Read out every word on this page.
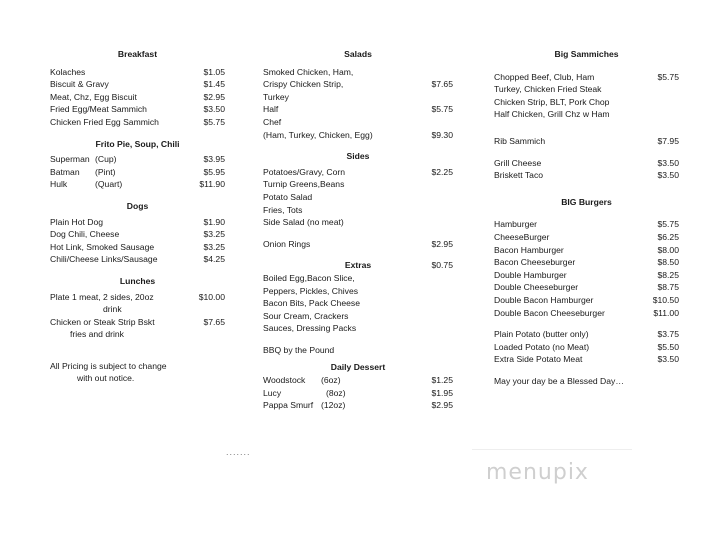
Breakfast
Kolaches	$1.05
Biscuit & Gravy	$1.45
Meat, Chz, Egg Biscuit	$2.95
Fried Egg/Meat Sammich	$3.50
Chicken Fried Egg Sammich	$5.75
Frito Pie, Soup, Chili
Superman (Cup)	$3.95
Batman (Pint)	$5.95
Hulk	(Quart)	$11.90
Dogs
Plain Hot Dog	$1.90
Dog Chili, Cheese	$3.25
Hot Link, Smoked Sausage	$3.25
Chili/Cheese Links/Sausage	$4.25
Lunches
Plate 1 meat, 2 sides, 20oz	$10.00
drink
Chicken or Steak Strip Bskt	$7.65
fries and drink
All Pricing is subject to change
with out notice.
Salads
Smoked Chicken, Ham,
Crispy Chicken Strip,	$7.65
Turkey
Half	$5.75
Chef
(Ham, Turkey, Chicken, Egg)	$9.30
Sides
Potatoes/Gravy, Corn	$2.25
Turnip Greens,Beans
Potato Salad
Fries, Tots
Side Salad (no meat)
Onion Rings	$2.95
Extras	$0.75
Boiled Egg,Bacon Slice,
Peppers, Pickles, Chives
Bacon Bits, Pack Cheese
Sour Cream, Crackers
Sauces, Dressing Packs
BBQ by the Pound
Daily Dessert
Woodstock (6oz)	$1.25
Lucy	(8oz)	$1.95
Pappa Smurf (12oz)	$2.95
Big Sammiches
Chopped Beef, Club, Ham	$5.75
Turkey, Chicken Fried Steak
Chicken Strip, BLT, Pork Chop
Half Chicken, Grill Chz w Ham
Rib Sammich	$7.95
Grill Cheese	$3.50
Briskett Taco	$3.50
BIG Burgers
Hamburger	$5.75
CheeseBurger	$6.25
Bacon Hamburger	$8.00
Bacon Cheeseburger	$8.50
Double Hamburger	$8.25
Double Cheeseburger	$8.75
Double Bacon Hamburger	$10.50
Double Bacon Cheeseburger	$11.00
Plain Potato (butter only)	$3.75
Loaded Potato (no Meat)	$5.50
Extra Side Potato Meat	$3.50
May your day be a Blessed Day…
.......
menupix
